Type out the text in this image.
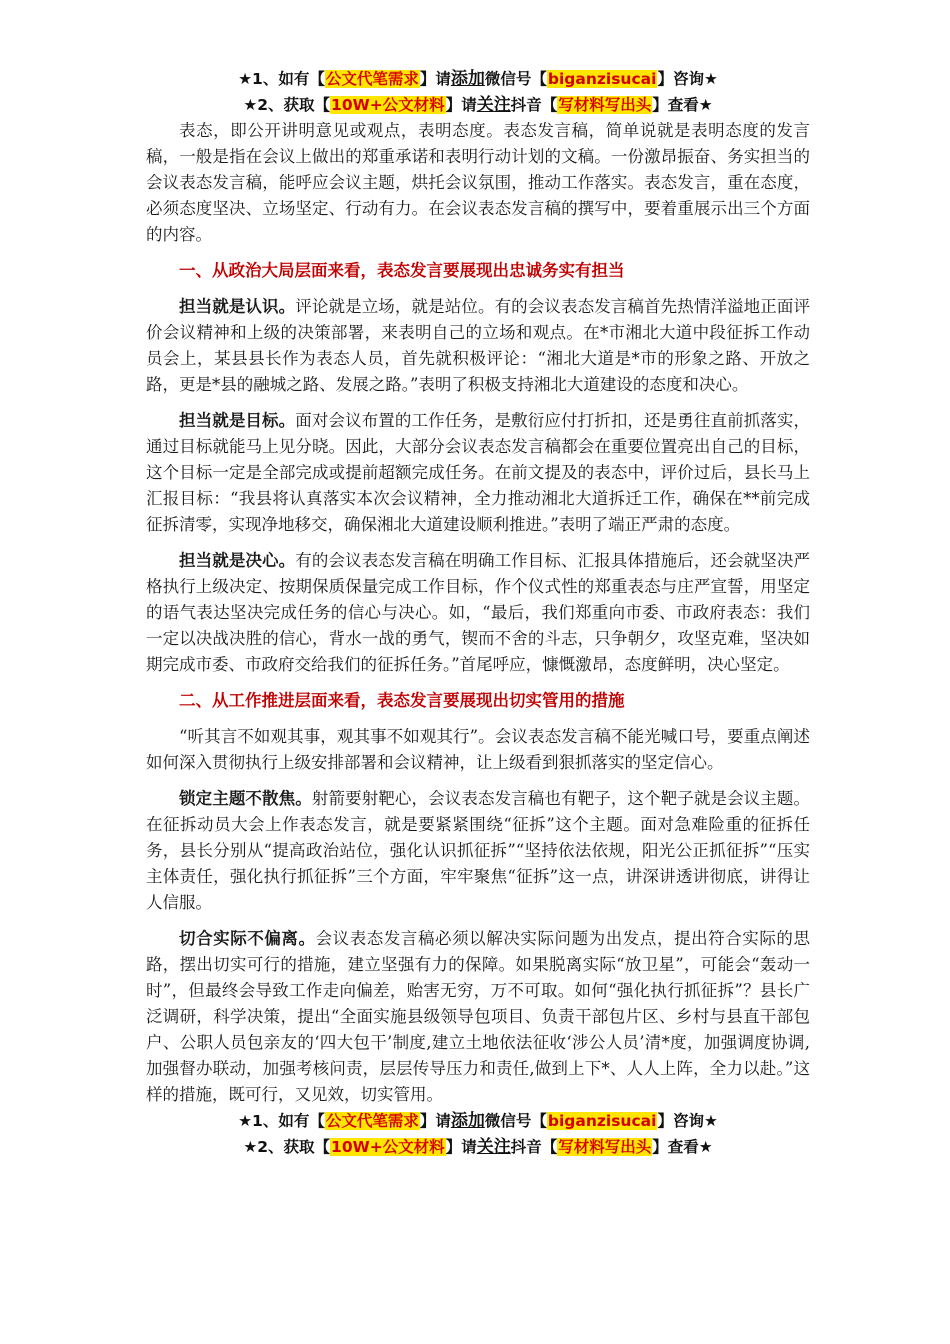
★1、如有【公文代笔需求】请添加微信号【biganzisucai】咨询★
★2、获取【10W+公文材料】请关注抖音【写材料写出头】查看★

表态，即公开讲明意见或观点，表明态度。表态发言稿，简单说就是表明态度的发言稿，一般是指在会议上做出的郑重承诺和表明行动计划的文稿。一份激昂振奋、务实担当的会议表态发言稿，能呼应会议主题，烘托会议氛围，推动工作落实。表态发言，重在态度，必须态度坚决、立场坚定、行动有力。在会议表态发言稿的撰写中，要着重展示出三个方面的内容。

一、从政治大局层面来看，表态发言要展现出忠诚务实有担当

担当就是认识。评论就是立场，就是站位。有的会议表态发言稿首先热情洋溢地正面评价会议精神和上级的决策部署，来表明自己的立场和观点。在*市湘北大道中段征拆工作动员会上，某县县长作为表态人员，首先就积极评论：“湘北大道是*市的形象之路、开放之路，更是*县的融城之路、发展之路。”表明了积极支持湘北大道建设的态度和决心。

担当就是目标。面对会议布置的工作任务，是敷衍应付打折扣，还是勇往直前抓落实，通过目标就能马上见分晓。因此，大部分会议表态发言稿都会在重要位置亮出自己的目标，这个目标一定是全部完成或提前超额完成任务。在前文提及的表态中，评价过后，县长马上汇报目标：“我县将认真落实本次会议精神，全力推动湘北大道拆迁工作，确保在**前完成征拆清零，实现净地移交，确保湘北大道建设顺利推进。”表明了端正严肃的态度。

担当就是决心。有的会议表态发言稿在明确工作目标、汇报具体措施后，还会就坚决严格执行上级决定、按期保质保量完成工作目标，作个仪式性的郑重表态与庄严宣誓，用坚定的语气表达坚决完成任务的信心与决心。如，“最后，我们郑重向市委、市政府表态：我们一定以决战决胜的信心，背水一战的勇气，锲而不舍的斗志，只争朝夕，攻坚克难，坚决如期完成市委、市政府交给我们的征拆任务。”首尾呼应，慷慨激昂，态度鲜明，决心坚定。

二、从工作推进层面来看，表态发言要展现出切实管用的措施

“听其言不如观其事，观其事不如观其行”。会议表态发言稿不能光喊口号，要重点阐述如何深入贯彻执行上级安排部署和会议精神，让上级看到狠抓落实的坚定信心。

锁定主题不散焦。射箭要射靶心，会议表态发言稿也有靶子，这个靶子就是会议主题。在征拆动员大会上作表态发言，就是要紧紧围绕“征拆”这个主题。面对急难险重的征拆任务，县长分别从“提高政治站位，强化认识抓征拆”“坚持依法依规，阳光公正抓征拆”“压实主体责任，强化执行抓征拆”三个方面，牢牢聚焦“征拆”这一点，讲深讲透讲彻底，讲得让人信服。

切合实际不偏离。会议表态发言稿必须以解决实际问题为出发点，提出符合实际的思路，摆出切实可行的措施，建立坚强有力的保障。如果脱离实际“放卫星”，可能会“轰动一时”，但最终会导致工作走向偏差，贻害无穷，万不可取。如何“强化执行抓征拆”？县长广泛调研，科学决策，提出“全面实施县级领导包项目、负责干部包片区、乡村与县直干部包户、公职人员包亲友的‘四大包干’制度,建立土地依法征收‘涉公人员’清*度，加强调度协调,加强督办联动，加强考核问责，层层传导压力和责任,做到上下*、人人上阵，全力以赴。”这样的措施，既可行，又见效，切实管用。

★1、如有【公文代笔需求】请添加微信号【biganzisucai】咨询★
★2、获取【10W+公文材料】请关注抖音【写材料写出头】查看★
